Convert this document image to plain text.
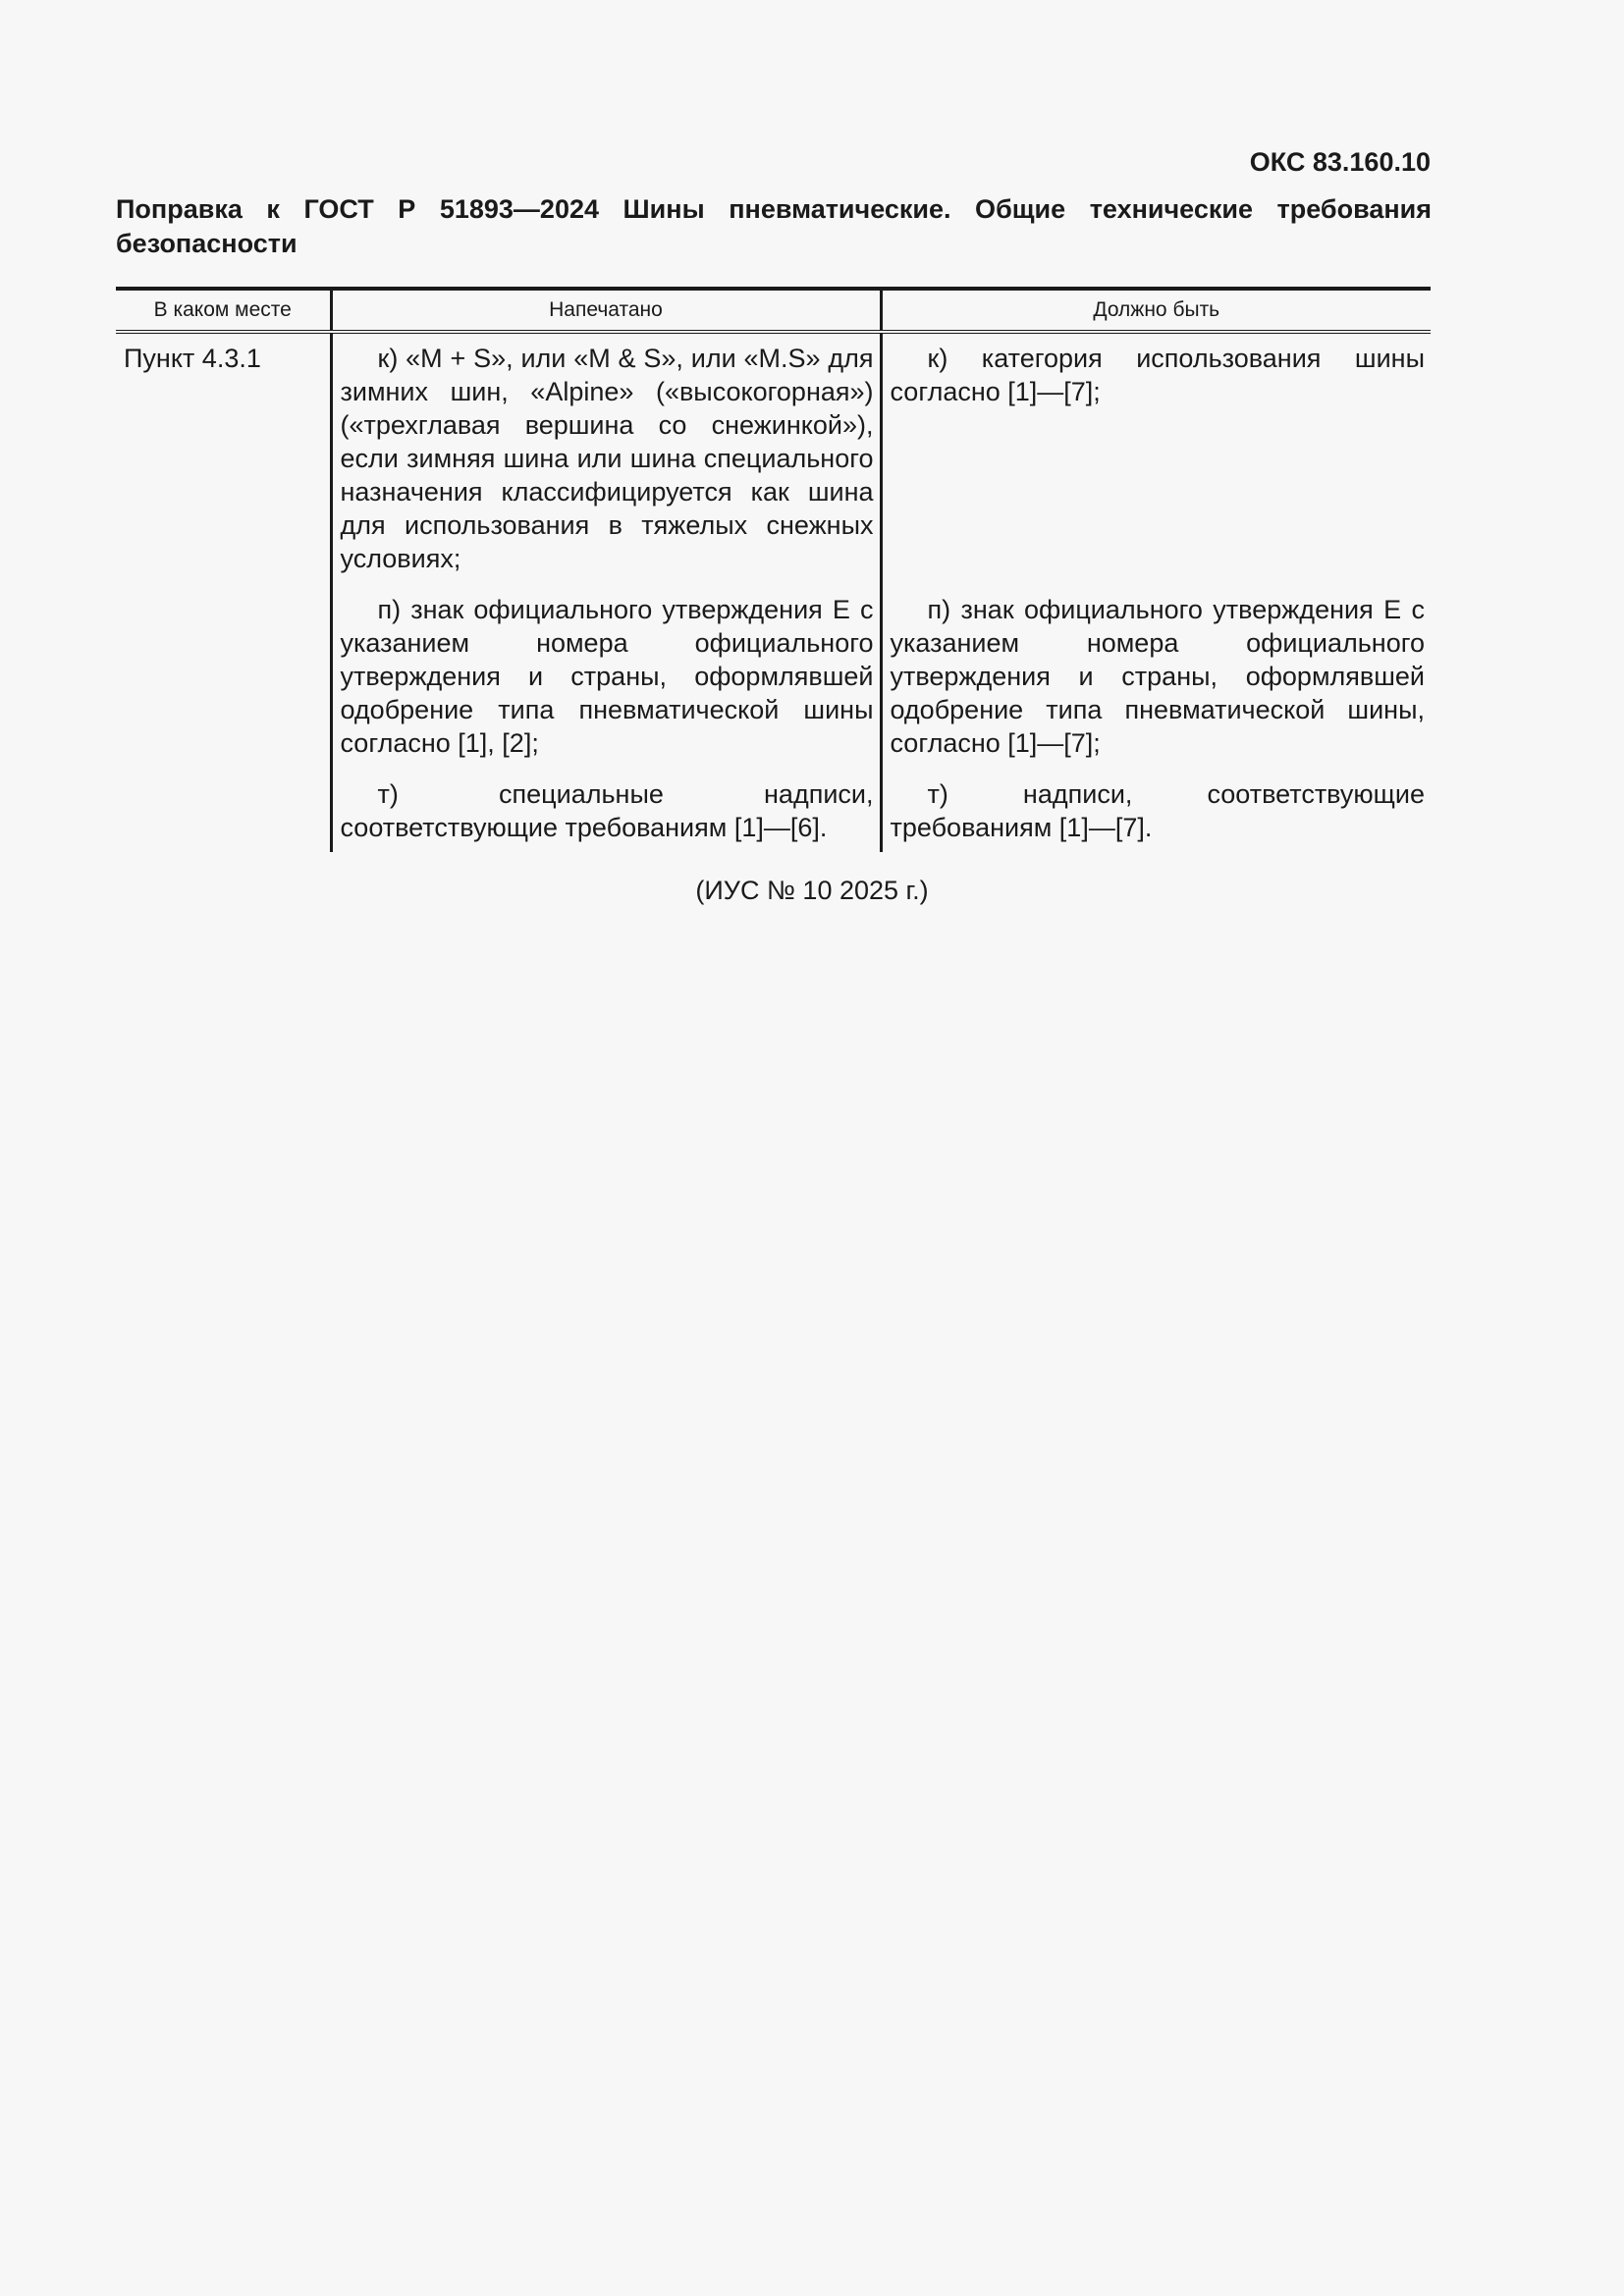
ОКС 83.160.10
Поправка к ГОСТ Р 51893—2024 Шины пневматические. Общие технические требования безопасности
В каком месте	Напечатано	Должно быть
Пункт 4.3.1	к) «M + S», или «M & S», или «M.S» для зимних шин, «Alpine» («высокогорная») («трехглавая вершина со снежинкой»), если зимняя шина или шина специального назначения классифицируется как шина для использования в тяжелых снежных условиях;	к) категория использования шины согласно [1]—[7];

	п) знак официального утверждения E с указанием номера официального утверждения и страны, оформлявшей одобрение типа пневматической шины согласно [1], [2];	п) знак официального утверждения E с указанием номера официального утверждения и страны, оформлявшей одобрение типа пневматической шины, согласно [1]—[7];

	т) специальные надписи, соответствующие требованиям [1]—[6].	т) надписи, соответствующие требованиям [1]—[7].
(ИУС № 10 2025 г.)
